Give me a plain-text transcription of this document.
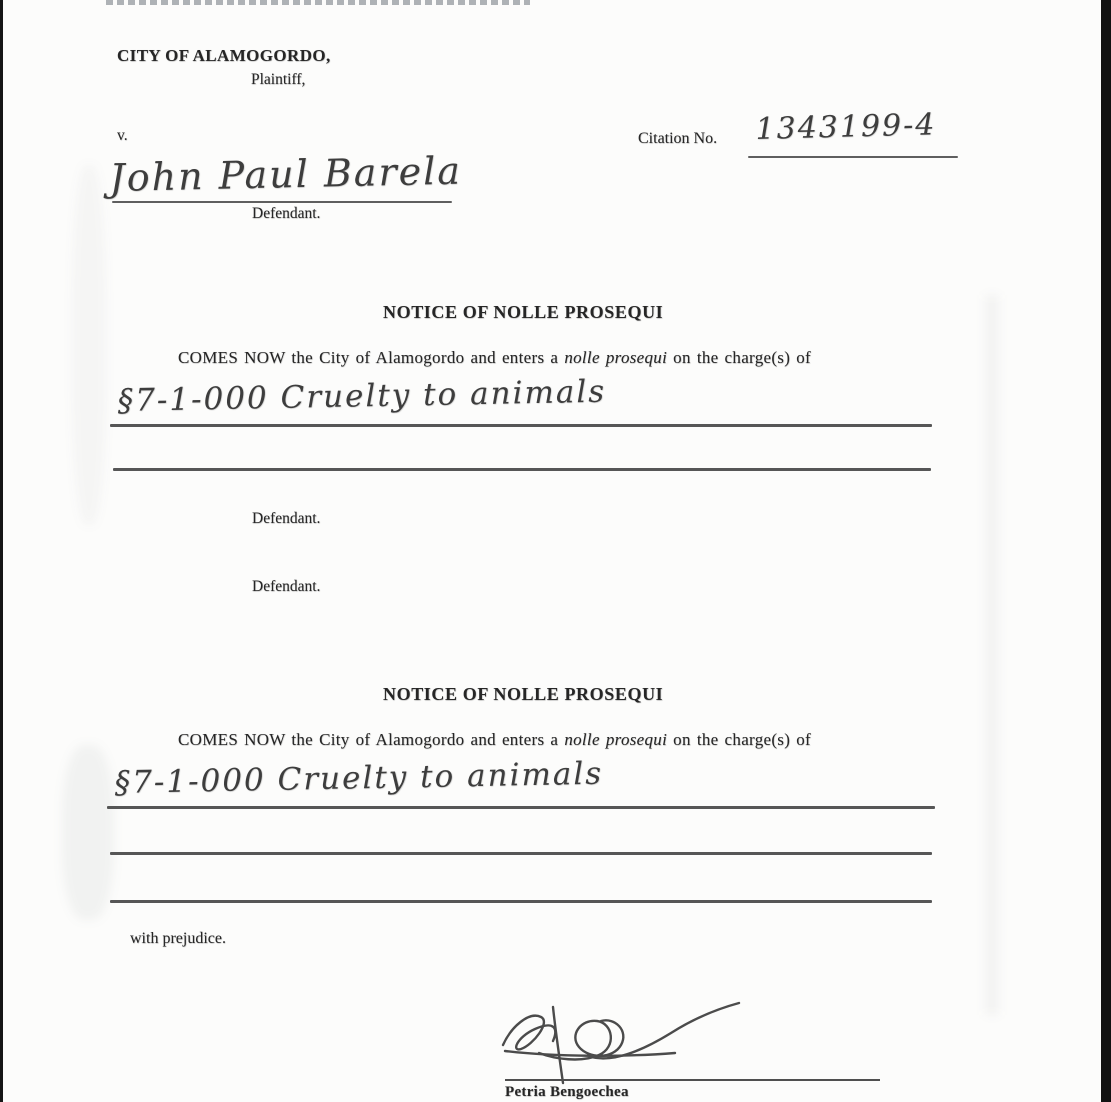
CITY OF ALAMOGORDO,
Plaintiff,
v.	Citation No. 1343199-4
John Paul Barela
Defendant.
NOTICE OF NOLLE PROSEQUI
COMES NOW the City of Alamogordo and enters a nolle prosequi on the charge(s) of
§7-1-000 Cruelty to animals
Defendant.
Defendant.
NOTICE OF NOLLE PROSEQUI
COMES NOW the City of Alamogordo and enters a nolle prosequi on the charge(s) of
§7-1-000 Cruelty to animals
with prejudice.
Petria Bengoechea
